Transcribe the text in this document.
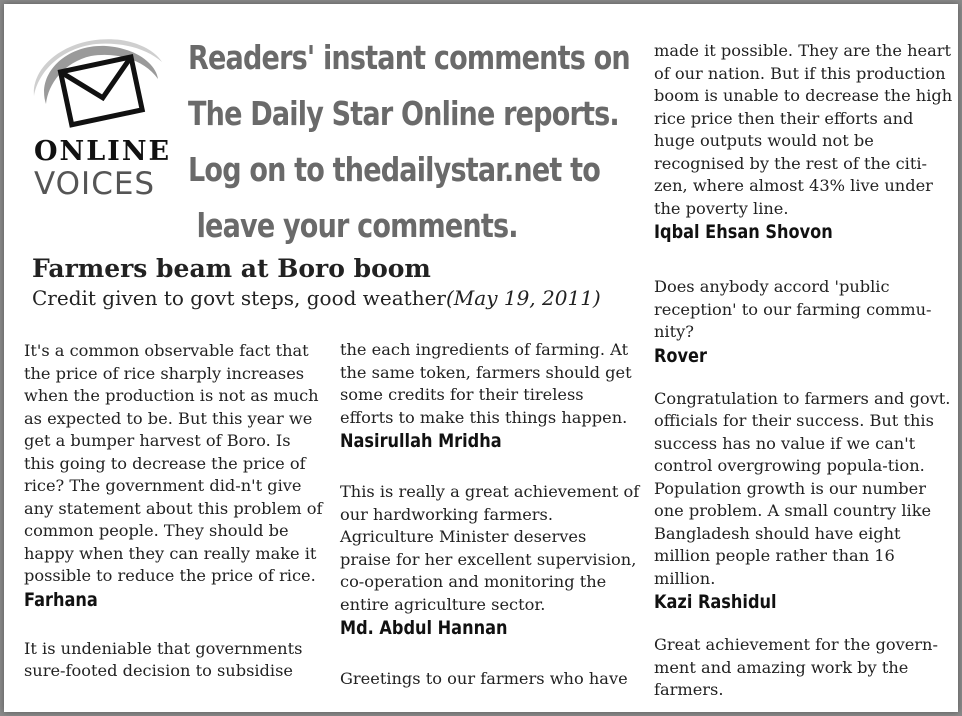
ONLINE
VOICES
Readers' instant comments on
The Daily Star Online reports.
Log on to thedailystar.net to
leave your comments.
Farmers beam at Boro boom
Credit given to govt steps, good weather(May 19, 2011)

It's a common observable fact that the price of rice sharply increases when the production is not as much as expected to be. But this year we get a bumper harvest of Boro. Is this going to decrease the price of rice? The government did-n't give any statement about this problem of common people. They should be happy when they can really make it possible to reduce the price of rice.

Farhana

It is undeniable that governments sure-footed decision to subsidise

the each ingredients of farming. At the same token, farmers should get some credits for their tireless efforts to make this things happen.

Nasirullah Mridha

This is really a great achievement of our hardworking farmers. Agriculture Minister deserves praise for her excellent supervision, co-operation and monitoring the entire agriculture sector.

Md. Abdul Hannan

Greetings to our farmers who have

made it possible. They are the heart of our nation. But if this production boom is unable to decrease the high rice price then their efforts and huge outputs would not be recognised by the rest of the citi-zen, where almost 43% live under the poverty line.

Iqbal Ehsan Shovon

Does anybody accord 'public reception' to our farming commu-nity?

Rover

Congratulation to farmers and govt. officials for their success. But this success has no value if we can't control overgrowing popula-tion. Population growth is our number one problem. A small country like Bangladesh should have eight million people rather than 16 million.

Kazi Rashidul

Great achievement for the govern-ment and amazing work by the farmers.
